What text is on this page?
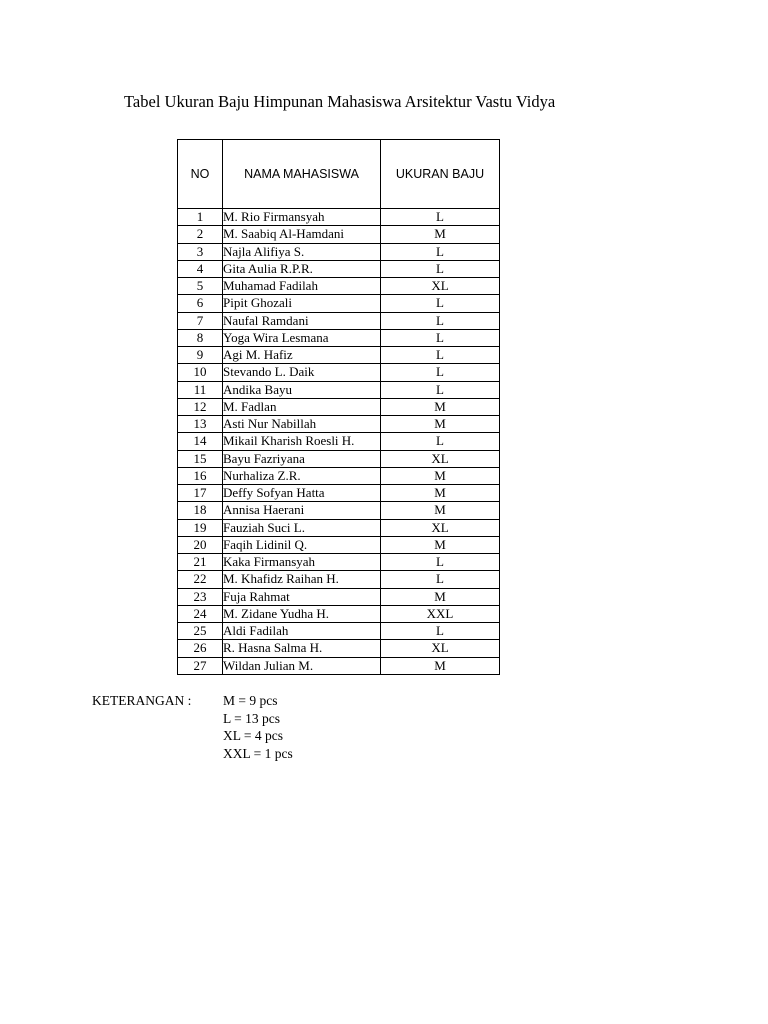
Tabel Ukuran Baju Himpunan Mahasiswa Arsitektur Vastu Vidya
NO	NAMA MAHASISWA	UKURAN BAJU
1	M. Rio Firmansyah	L
2	M. Saabiq Al-Hamdani	M
3	Najla Alifiya S.	L
4	Gita Aulia R.P.R.	L
5	Muhamad Fadilah	XL
6	Pipit Ghozali	L
7	Naufal Ramdani	L
8	Yoga Wira Lesmana	L
9	Agi M. Hafiz	L
10	Stevando L. Daik	L
11	Andika Bayu	L
12	M. Fadlan	M
13	Asti Nur Nabillah	M
14	Mikail Kharish Roesli H.	L
15	Bayu Fazriyana	XL
16	Nurhaliza Z.R.	M
17	Deffy Sofyan Hatta	M
18	Annisa Haerani	M
19	Fauziah Suci L.	XL
20	Faqih Lidinil Q.	M
21	Kaka Firmansyah	L
22	M. Khafidz Raihan H.	L
23	Fuja Rahmat	M
24	M. Zidane Yudha H.	XXL
25	Aldi Fadilah	L
26	R. Hasna Salma H.	XL
27	Wildan Julian M.	M
KETERANGAN : M = 9 pcs
L = 13 pcs
XL = 4 pcs
XXL = 1 pcs
